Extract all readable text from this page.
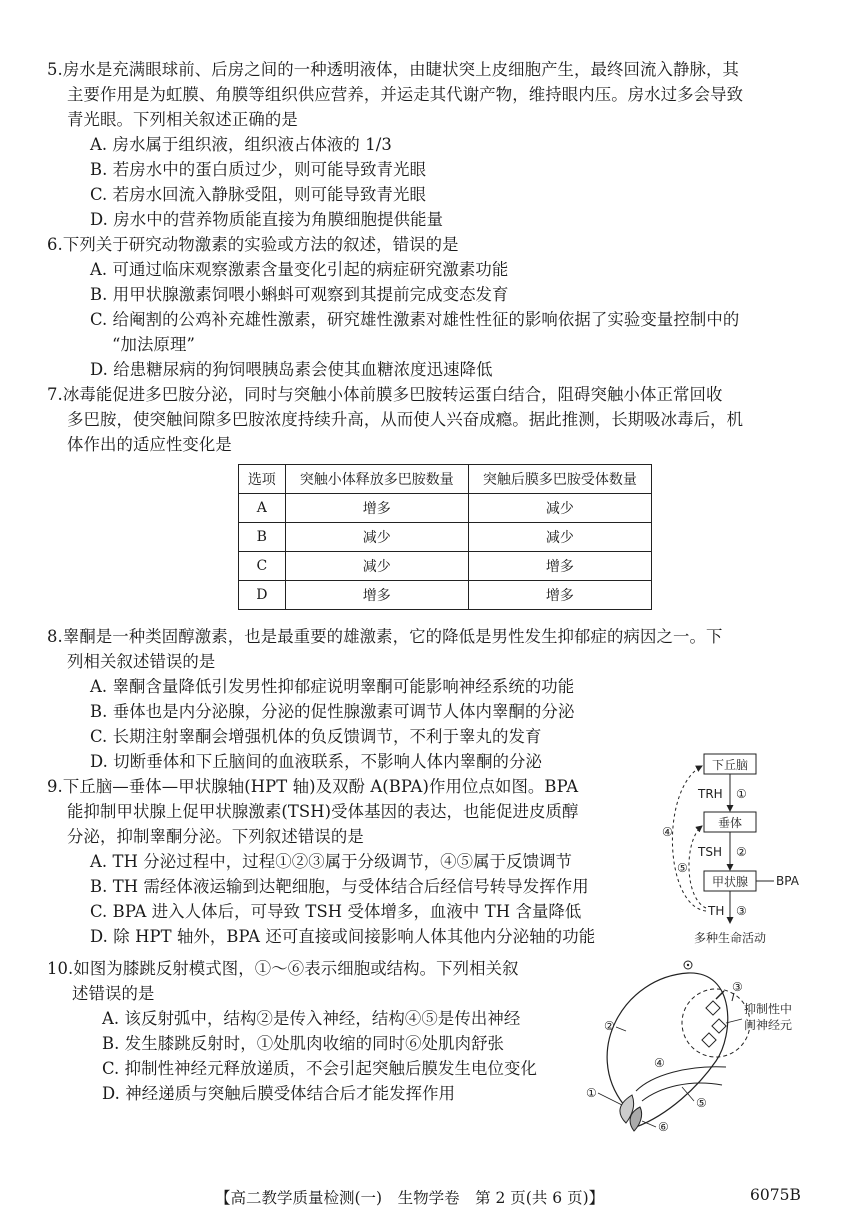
5.房水是充满眼球前、后房之间的一种透明液体，由睫状突上皮细胞产生，最终回流入静脉，其
主要作用是为虹膜、角膜等组织供应营养，并运走其代谢产物，维持眼内压。房水过多会导致
青光眼。下列相关叙述正确的是
A. 房水属于组织液，组织液占体液的 1/3
B. 若房水中的蛋白质过少，则可能导致青光眼
C. 若房水回流入静脉受阻，则可能导致青光眼
D. 房水中的营养物质能直接为角膜细胞提供能量
6.下列关于研究动物激素的实验或方法的叙述，错误的是
A. 可通过临床观察激素含量变化引起的病症研究激素功能
B. 用甲状腺激素饲喂小蝌蚪可观察到其提前完成变态发育
C. 给阉割的公鸡补充雄性激素，研究雄性激素对雄性性征的影响依据了实验变量控制中的
“加法原理”
D. 给患糖尿病的狗饲喂胰岛素会使其血糖浓度迅速降低
7.冰毒能促进多巴胺分泌，同时与突触小体前膜多巴胺转运蛋白结合，阻碍突触小体正常回收
多巴胺，使突触间隙多巴胺浓度持续升高，从而使人兴奋成瘾。据此推测，长期吸冰毒后，机
体作出的适应性变化是
选项	突触小体释放多巴胺数量	突触后膜多巴胺受体数量
A	增多	减少
B	减少	减少
C	减少	增多
D	增多	增多
8.睾酮是一种类固醇激素，也是最重要的雄激素，它的降低是男性发生抑郁症的病因之一。下
列相关叙述错误的是
A. 睾酮含量降低引发男性抑郁症说明睾酮可能影响神经系统的功能
B. 垂体也是内分泌腺，分泌的促性腺激素可调节人体内睾酮的分泌
C. 长期注射睾酮会增强机体的负反馈调节，不利于睾丸的发育
D. 切断垂体和下丘脑间的血液联系，不影响人体内睾酮的分泌
9.下丘脑—垂体—甲状腺轴(HPT 轴)及双酚 A(BPA)作用位点如图。BPA
能抑制甲状腺上促甲状腺激素(TSH)受体基因的表达，也能促进皮质醇
分泌，抑制睾酮分泌。下列叙述错误的是
A. TH 分泌过程中，过程①②③属于分级调节，④⑤属于反馈调节
B. TH 需经体液运输到达靶细胞，与受体结合后经信号转导发挥作用
C. BPA 进入人体后，可导致 TSH 受体增多，血液中 TH 含量降低
D. 除 HPT 轴外，BPA 还可直接或间接影响人体其他内分泌轴的功能
下丘脑
垂体
甲状腺
TRH ①
TSH ②
TH ③
BPA
④
⑤
多种生命活动
10.如图为膝跳反射模式图，①～⑥表示细胞或结构。下列相关叙
述错误的是
A. 该反射弧中，结构②是传入神经，结构④⑤是传出神经
B. 发生膝跳反射时，①处肌肉收缩的同时⑥处肌肉舒张
C. 抑制性神经元释放递质，不会引起突触后膜发生电位变化
D. 神经递质与突触后膜受体结合后才能发挥作用
③
抑制性中
间神经元
②
④
⑤
①
⑥
【高二教学质量检测(一)　生物学卷　第 2 页(共 6 页)】	6075B
